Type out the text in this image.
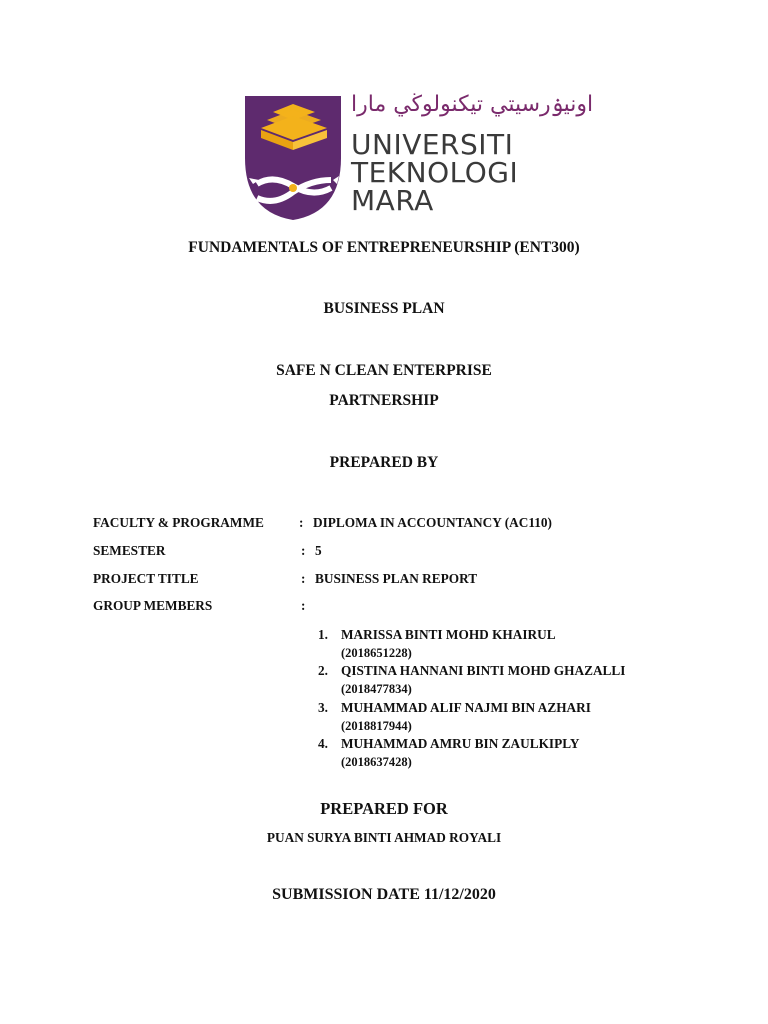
اونيۏرسيتي تيكنولوڬي مارا
UNIVERSITI
TEKNOLOGI
MARA
FUNDAMENTALS OF ENTREPRENEURSHIP (ENT300)
BUSINESS PLAN
SAFE N CLEAN ENTERPRISE
PARTNERSHIP
PREPARED BY
FACULTY & PROGRAMME	: DIPLOMA IN ACCOUNTANCY (AC110)
SEMESTER	: 5
PROJECT TITLE	: BUSINESS PLAN REPORT
GROUP MEMBERS	:
1. MARISSA BINTI MOHD KHAIRUL
(2018651228)
2. QISTINA HANNANI BINTI MOHD GHAZALLI
(2018477834)
3. MUHAMMAD ALIF NAJMI BIN AZHARI
(2018817944)
4. MUHAMMAD AMRU BIN ZAULKIPLY
(2018637428)
PREPARED FOR
PUAN SURYA BINTI AHMAD ROYALI
SUBMISSION DATE 11/12/2020
